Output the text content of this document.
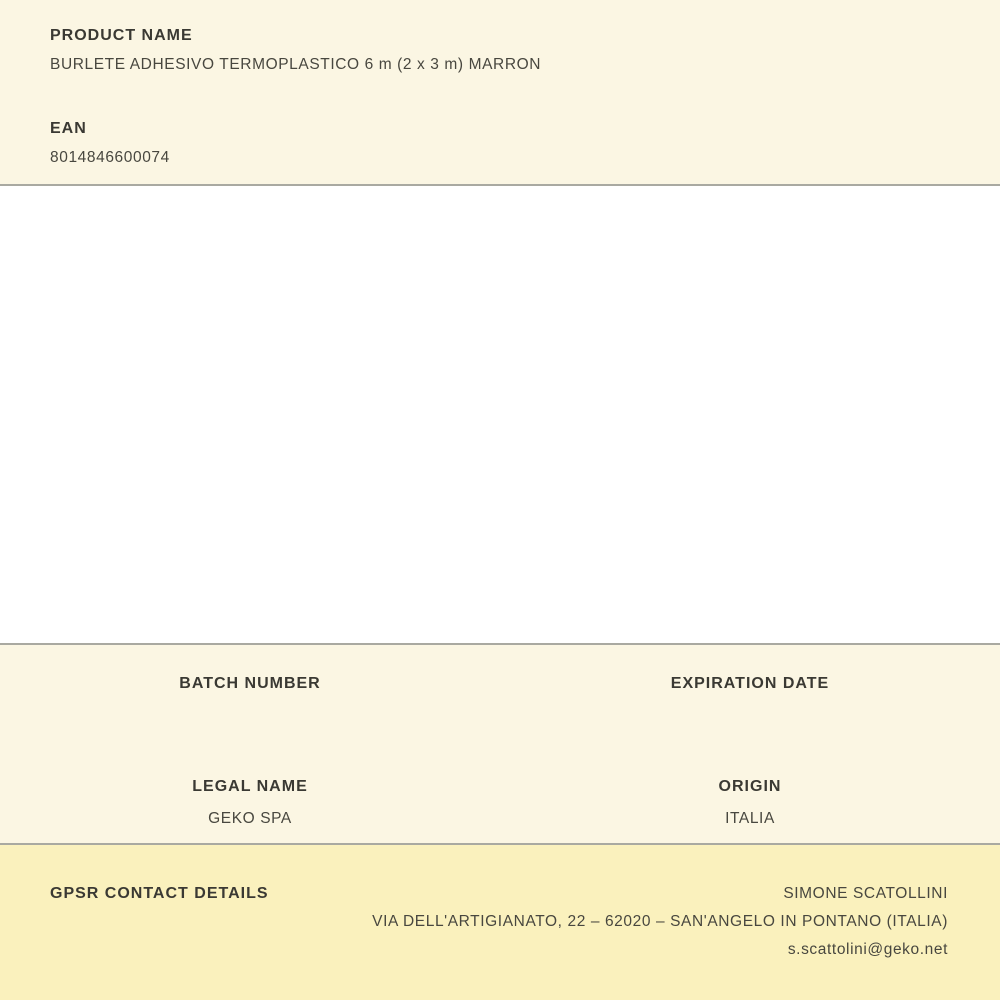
PRODUCT NAME
BURLETE ADHESIVO TERMOPLASTICO 6 m (2 x 3 m) MARRON
EAN
8014846600074
BATCH NUMBER	EXPIRATION DATE
LEGAL NAME
GEKO SPA
ORIGIN
ITALIA
GPSR CONTACT DETAILS	SIMONE SCATOLLINI
VIA DELL'ARTIGIANATO, 22 – 62020 – SAN'ANGELO IN PONTANO (ITALIA)
s.scattolini@geko.net
